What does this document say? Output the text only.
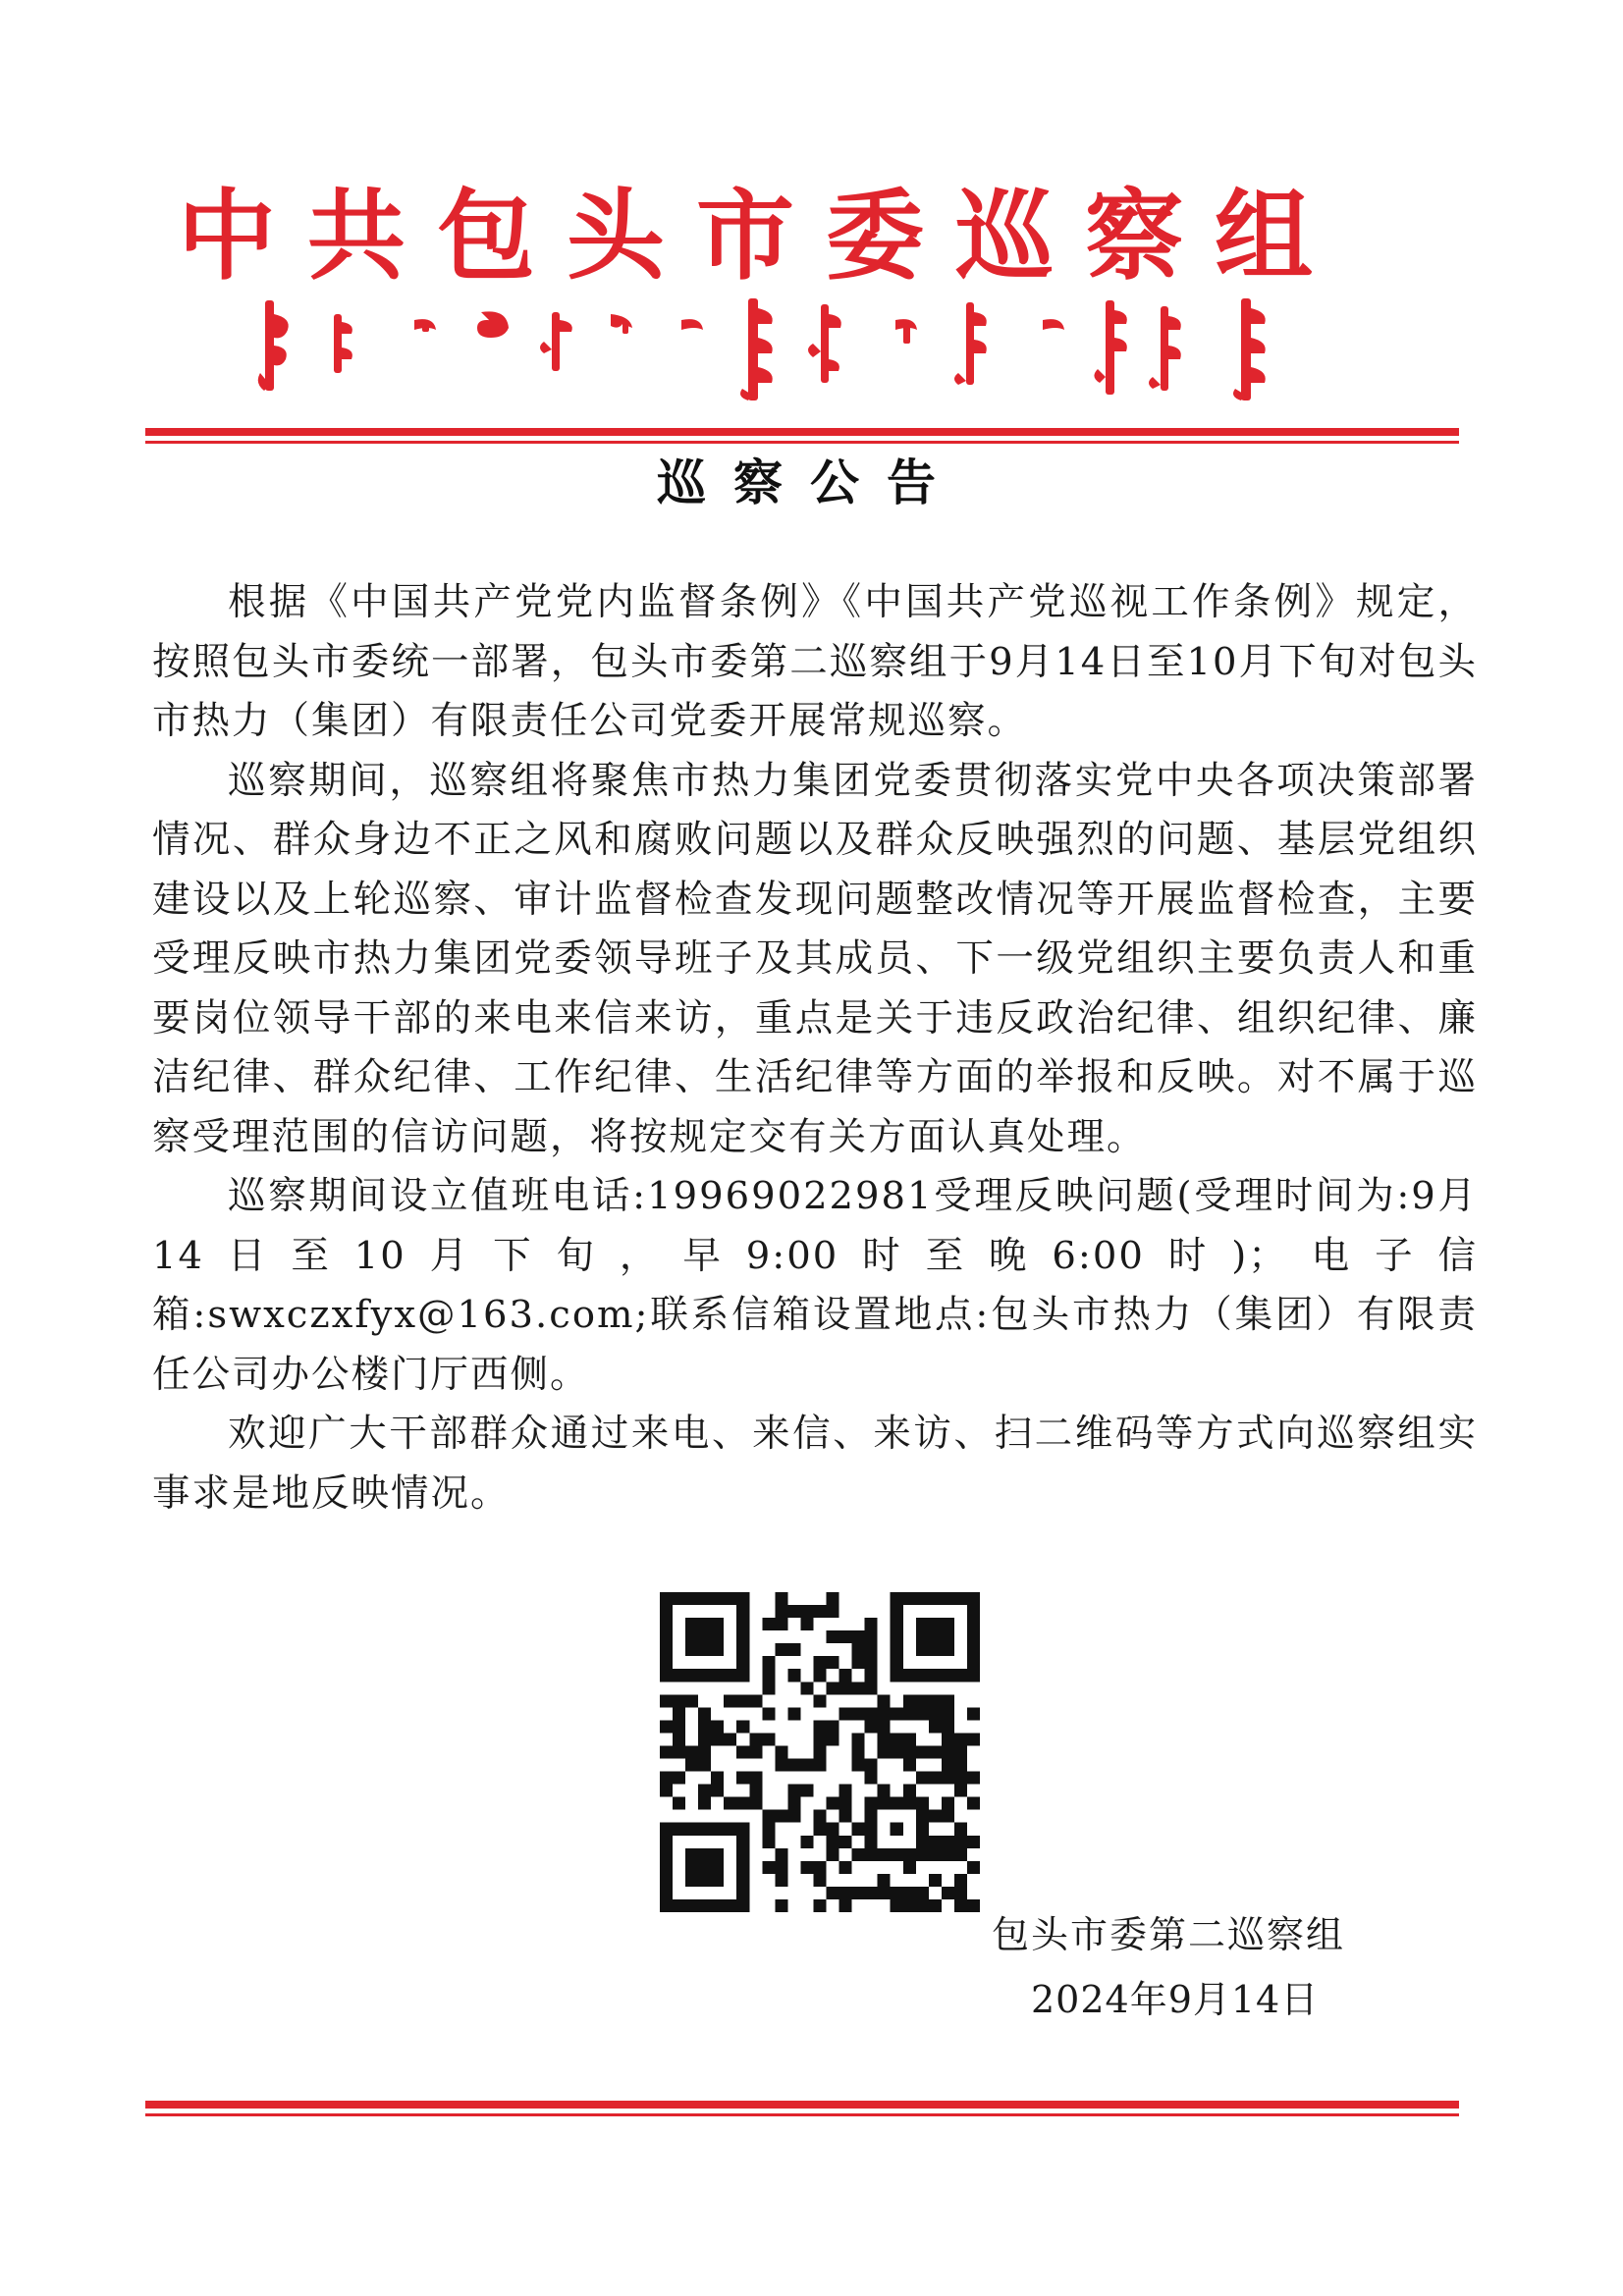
中共包头市委巡察组
巡察公告

根据《中国共产党党内监督条例》《中国共产党巡视工作条例》规定，按照包头市委统一部署，包头市委第二巡察组于9月14日至10月下旬对包头市热力（集团）有限责任公司党委开展常规巡察。

巡察期间，巡察组将聚焦市热力集团党委贯彻落实党中央各项决策部署情况、群众身边不正之风和腐败问题以及群众反映强烈的问题、基层党组织建设以及上轮巡察、审计监督检查发现问题整改情况等开展监督检查，主要受理反映市热力集团党委领导班子及其成员、下一级党组织主要负责人和重要岗位领导干部的来电来信来访，重点是关于违反政治纪律、组织纪律、廉洁纪律、群众纪律、工作纪律、生活纪律等方面的举报和反映。对不属于巡察受理范围的信访问题，将按规定交有关方面认真处理。

巡察期间设立值班电话:19969022981受理反映问题(受理时间为:9月14日至10月下旬，早9:00时至晚6:00时)；电子信箱:swxczxfyx@163.com;联系信箱设置地点:包头市热力（集团）有限责任公司办公楼门厅西侧。

欢迎广大干部群众通过来电、来信、来访、扫二维码等方式向巡察组实事求是地反映情况。

包头市委第二巡察组
2024年9月14日
